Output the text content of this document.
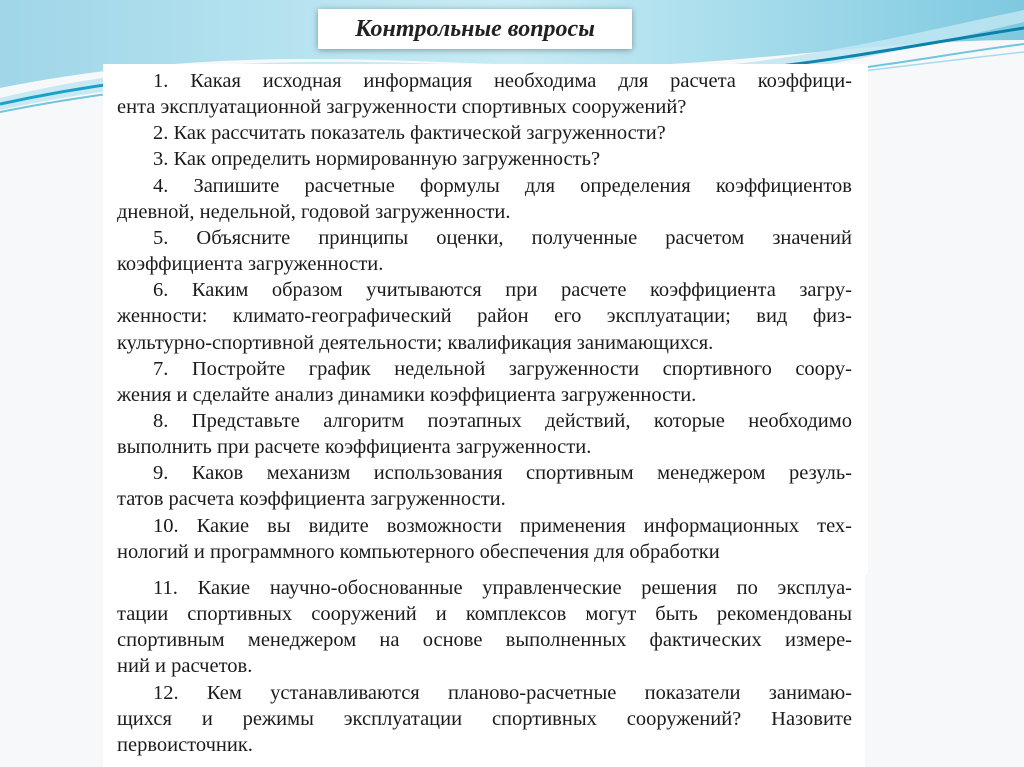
Контрольные вопросы

1. Какая исходная информация необходима для расчета коэффици-
ента эксплуатационной загруженности спортивных сооружений?

2. Как рассчитать показатель фактической загруженности?

3. Как определить нормированную загруженность?

4. Запишите расчетные формулы для определения коэффициентов
дневной, недельной, годовой загруженности.

5. Объясните принципы оценки, полученные расчетом значений
коэффициента загруженности.

6. Каким образом учитываются при расчете коэффициента загру-
женности: климато-географический район его эксплуатации; вид физ-
культурно-спортивной деятельности; квалификация занимающихся.

7. Постройте график недельной загруженности спортивного соору-
жения и сделайте анализ динамики коэффициента загруженности.

8. Представьте алгоритм поэтапных действий, которые необходимо
выполнить при расчете коэффициента загруженности.

9. Каков механизм использования спортивным менеджером резуль-
татов расчета коэффициента загруженности.

10. Какие вы видите возможности применения информационных тех-
нологий и программного компьютерного обеспечения для обработки

11. Какие научно-обоснованные управленческие решения по эксплуа-
тации спортивных сооружений и комплексов могут быть рекомендованы
спортивным менеджером на основе выполненных фактических измере-
ний и расчетов.

12. Кем устанавливаются планово-расчетные показатели занимаю-
щихся и режимы эксплуатации спортивных сооружений? Назовите
первоисточник.
